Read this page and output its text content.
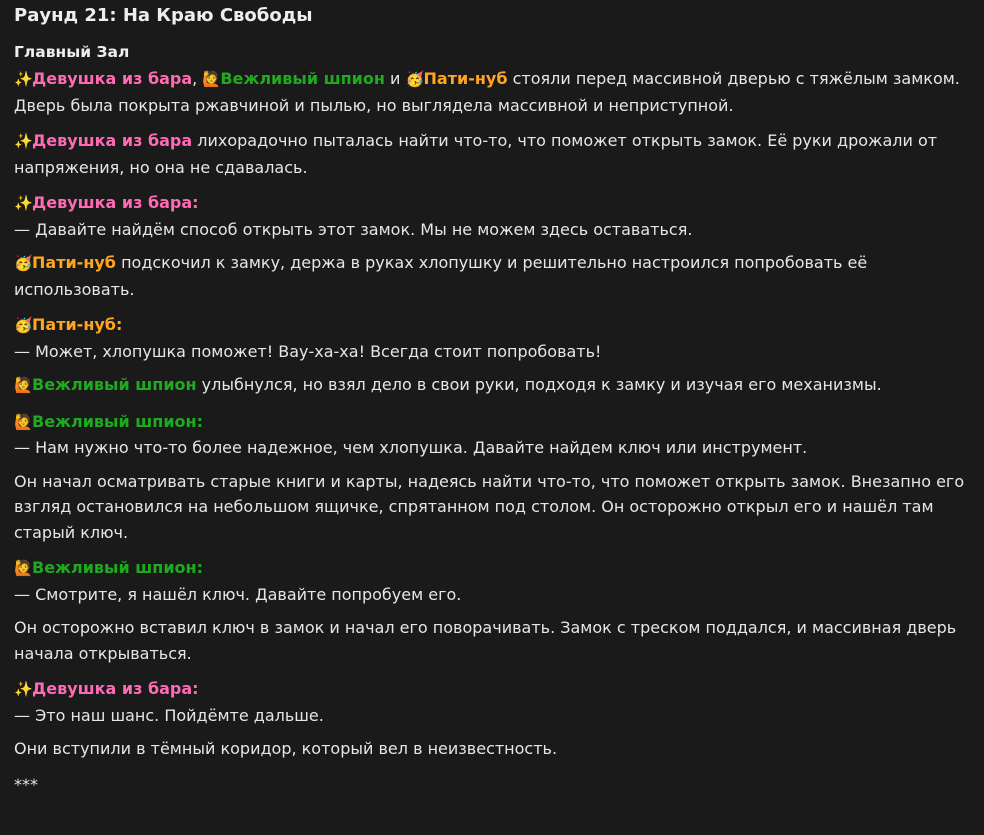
Раунд 21: На Краю Свободы
Главный Зал
✨Девушка из бара, 🙋Вежливый шпион и 🥳Пати-нуб стояли перед массивной дверью с тяжёлым замком. Дверь была покрыта ржавчиной и пылью, но выглядела массивной и неприступной.
✨Девушка из бара лихорадочно пыталась найти что-то, что поможет открыть замок. Её руки дрожали от напряжения, но она не сдавалась.
✨Девушка из бара:
— Давайте найдём способ открыть этот замок. Мы не можем здесь оставаться.
🥳Пати-нуб подскочил к замку, держа в руках хлопушку и решительно настроился попробовать её использовать.
🥳Пати-нуб:
— Может, хлопушка поможет! Вау-ха-ха! Всегда стоит попробовать!
🙋Вежливый шпион улыбнулся, но взял дело в свои руки, подходя к замку и изучая его механизмы.
🙋Вежливый шпион:
— Нам нужно что-то более надежное, чем хлопушка. Давайте найдем ключ или инструмент.
Он начал осматривать старые книги и карты, надеясь найти что-то, что поможет открыть замок. Внезапно его взгляд остановился на небольшом ящичке, спрятанном под столом. Он осторожно открыл его и нашёл там старый ключ.
🙋Вежливый шпион:
— Смотрите, я нашёл ключ. Давайте попробуем его.
Он осторожно вставил ключ в замок и начал его поворачивать. Замок с треском поддался, и массивная дверь начала открываться.
✨Девушка из бара:
— Это наш шанс. Пойдёмте дальше.
Они вступили в тёмный коридор, который вел в неизвестность.
***
